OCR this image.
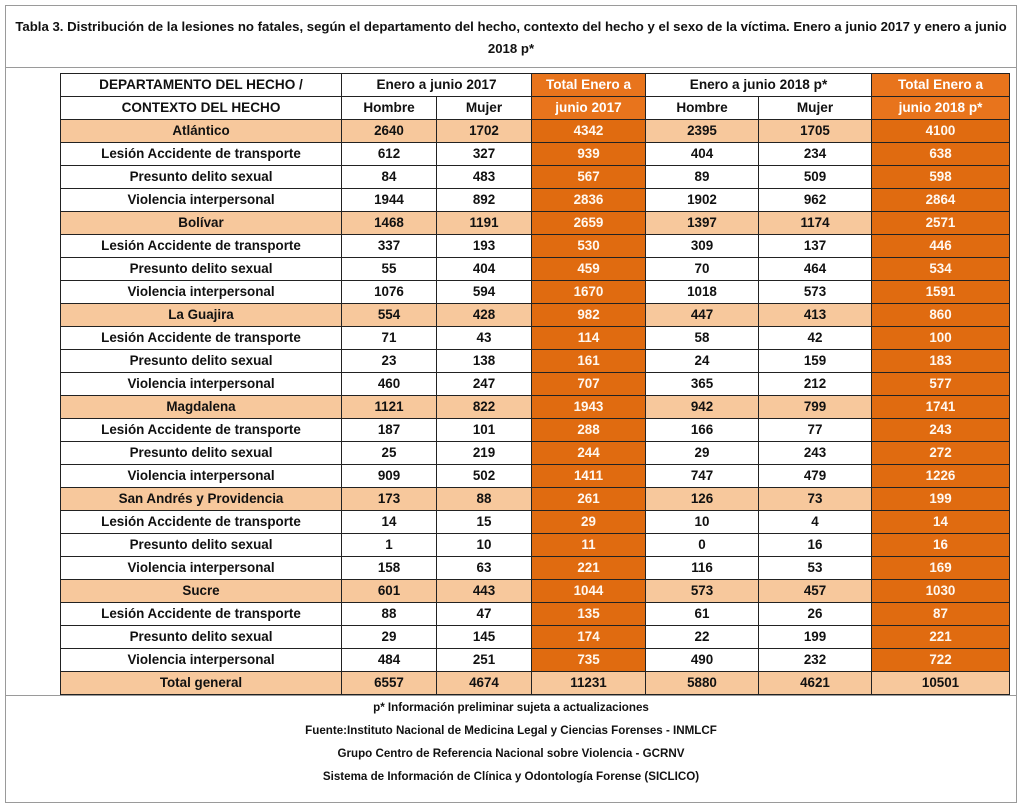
Tabla 3. Distribución de la lesiones no fatales, según el departamento del hecho, contexto del hecho y el sexo de la víctima. Enero a junio 2017 y enero a junio 2018 p*
DEPARTAMENTO DEL HECHO /	Enero a junio 2017		Total Enero a	Enero a junio 2018 p*		Total Enero a
CONTEXTO DEL HECHO	Hombre	Mujer	junio 2017	Hombre	Mujer	junio 2018 p*
Atlántico	2640	1702	4342	2395	1705	4100
Lesión Accidente de transporte	612	327	939	404	234	638
Presunto delito sexual	84	483	567	89	509	598
Violencia interpersonal	1944	892	2836	1902	962	2864
Bolívar	1468	1191	2659	1397	1174	2571
Lesión Accidente de transporte	337	193	530	309	137	446
Presunto delito sexual	55	404	459	70	464	534
Violencia interpersonal	1076	594	1670	1018	573	1591
La Guajira	554	428	982	447	413	860
Lesión Accidente de transporte	71	43	114	58	42	100
Presunto delito sexual	23	138	161	24	159	183
Violencia interpersonal	460	247	707	365	212	577
Magdalena	1121	822	1943	942	799	1741
Lesión Accidente de transporte	187	101	288	166	77	243
Presunto delito sexual	25	219	244	29	243	272
Violencia interpersonal	909	502	1411	747	479	1226
San Andrés y Providencia	173	88	261	126	73	199
Lesión Accidente de transporte	14	15	29	10	4	14
Presunto delito sexual	1	10	11	0	16	16
Violencia interpersonal	158	63	221	116	53	169
Sucre	601	443	1044	573	457	1030
Lesión Accidente de transporte	88	47	135	61	26	87
Presunto delito sexual	29	145	174	22	199	221
Violencia interpersonal	484	251	735	490	232	722
Total general	6557	4674	11231	5880	4621	10501
p* Información preliminar sujeta a actualizaciones
Fuente:Instituto Nacional de Medicina Legal y Ciencias Forenses - INMLCF
Grupo Centro de Referencia Nacional sobre Violencia - GCRNV
Sistema de Información de Clínica y Odontología Forense (SICLICO)
